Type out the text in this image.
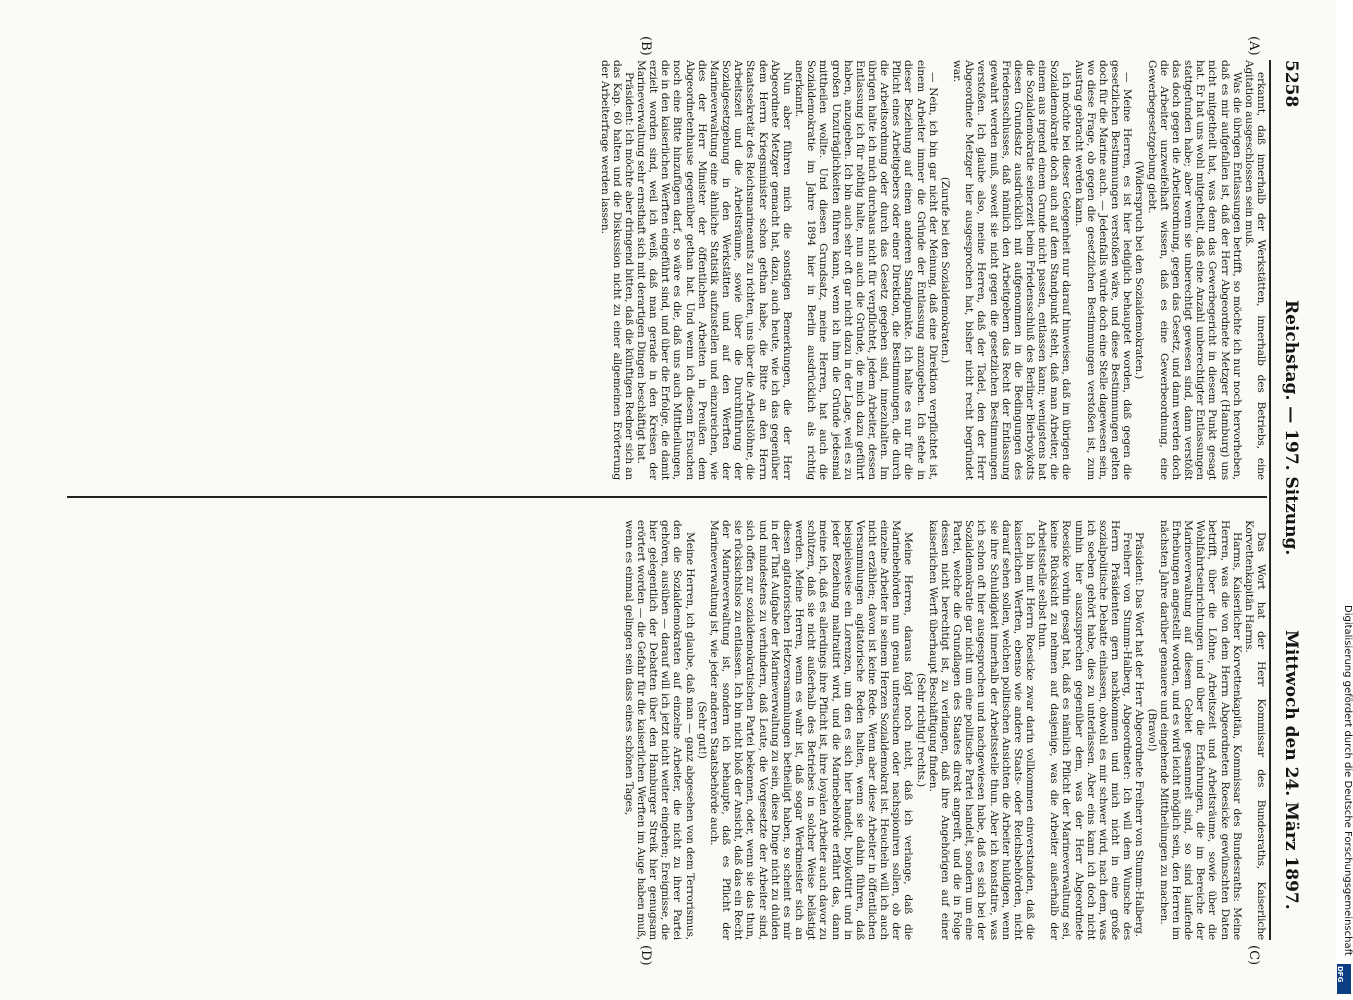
5258
Reichstag. — 197. Sitzung.
Mittwoch den 24. März 1897.
(A)
(B)
(C)
(D)

erkannt, daß innerhalb der Werkstätten, innerhalb des Betriebs, eine Agitation ausgeschlossen sein muß.

Was die übrigen Entlassungen betrifft, so möchte ich nur noch hervorheben, daß es mir aufgefallen ist, daß der Herr Abgeordnete Metzger (Hamburg) uns nicht mitgetheilt hat, was denn das Gewerbegericht in diesem Punkt gesagt hat. Er hat uns wohl mitgetheilt, daß eine Anzahl unberechtigter Entlassungen stattgefunden habe; aber wenn sie unberechtigt gewesen sind, dann verstößt das doch gegen die Arbeitsordnung, gegen das Gesetz, und dann werden doch die Arbeiter unzweifelhaft wissen, daß es eine Gewerbeordnung, eine Gewerbegesetzgebung giebt.

(Widerspruch bei den Sozialdemokraten.)

— Meine Herren, es ist hier lediglich behauptet worden, daß gegen die gesetzlichen Bestimmungen verstoßen wäre, und diese Bestimmungen gelten doch für die Marine auch. — Jedenfalls würde doch eine Stelle dagewesen sein, wo diese Frage, ob gegen die gesetzlichen Bestimmungen verstoßen ist, zum Austrag gebracht werden kann.

Ich möchte bei dieser Gelegenheit nur darauf hinweisen, daß im übrigen die Sozialdemokratie doch auch auf dem Standpunkt steht, daß man Arbeiter, die einem aus irgend einem Grunde nicht passen, entlassen kann; wenigstens hat die Sozialdemokratie seinerzeit beim Friedensschluß des Berliner Bierboykotts diesen Grundsatz ausdrücklich mit aufgenommen in die Bedingungen des Friedensschlusses, daß nämlich den Arbeitgebern das Recht der Entlassung gewahrt werden muß, soweit sie nicht gegen die gesetzlichen Bestimmungen verstoßen. Ich glaube also, meine Herren, daß der Tadel, den der Herr Abgeordnete Metzger hier ausgesprochen hat, bisher nicht recht begründet war.

(Zurufe bei den Sozialdemokraten.)

— Nein, ich bin gar nicht der Meinung, daß eine Direktion verpflichtet ist, einem Arbeiter immer die Gründe der Entlassung anzugeben. Ich stehe in dieser Beziehung auf einem anderen Standpunkte. Ich halte es nur für die Pflicht eines Arbeitgebers oder einer Direktion, die Bestimmungen, die durch die Arbeitsordnung oder durch das Gesetz gegeben sind, innezuhalten. Im übrigen halte ich mich durchaus nicht für verpflichtet, jedem Arbeiter, dessen Entlassung ich für nöthig halte, nun auch die Gründe, die mich dazu geführt haben, anzugeben. Ich bin auch sehr oft gar nicht dazu in der Lage, weil es zu großen Unzuträglichkeiten führen kann, wenn ich ihm die Gründe jedesmal mittheilen wollte. Und diesen Grundsatz, meine Herren, hat auch die Sozialdemokratie im Jahre 1894 hier in Berlin ausdrücklich als richtig anerkannt.

Nun aber führen mich die sonstigen Bemerkungen, die der Herr Abgeordnete Metzger gemacht hat, dazu, auch heute, wie ich das gegenüber dem Herrn Kriegsminister schon gethan habe, die Bitte an den Herrn Staatssekretär des Reichsmarineamts zu richten, uns über die Arbeitslöhne, die Arbeitszeit und die Arbeitsräume, sowie über die Durchführung der Sozialgesetzgebung in den Werkstätten und auf den Werften der Marineverwaltung eine ähnliche Statistik aufzustellen und einzureichen, wie dies der Herr Minister der öffentlichen Arbeiten in Preußen dem Abgeordnetenhause gegenüber gethan hat. Und wenn ich diesem Ersuchen noch eine Bitte hinzufügen darf, so wäre es die, daß uns auch Mittheilungen, die in den kaiserlichen Werften eingeführt sind, und über die Erfolge, die damit erzielt worden sind, weil ich weiß, daß man gerade in den Kreisen der Marineverwaltung sehr ernsthaft sich mit derartigen Dingen beschäftigt hat.

Präsident: Ich möchte aber dringend bitten, daß die künftigen Redner sich an das Kap. 60 halten und die Diskussion nicht zu einer allgemeinen Erörterung der Arbeiterfrage werden lassen.

Das Wort hat der Herr Kommissar des Bundesraths, Kaiserliche Korvettenkapitän Harms.

Harms, Kaiserlicher Korvettenkapitän, Kommissar des Bundesraths: Meine Herren, was die von dem Herrn Abgeordneten Roesicke gewünschten Daten betrifft, über die Löhne, Arbeitszeit und Arbeitsräume, sowie über die Wohlfahrtseinrichtungen und über die Erfahrungen, die im Bereiche der Marineverwaltung auf diesem Gebiet gesammelt sind, so sind laufende Erhebungen angestellt worden, und es wird leicht möglich sein, den Herren im nächsten Jahre darüber genauere und eingehende Mittheilungen zu machen.

(Bravo!)

Präsident: Das Wort hat der Herr Abgeordnete Freiherr von Stumm-Halberg.

Freiherr von Stumm-Halberg, Abgeordneter: Ich will dem Wunsche des Herrn Präsidenten gern nachkommen und mich nicht in eine große sozialpolitische Debatte einlassen, obwohl es mir schwer wird, nach dem, was ich soeben gehört habe, dies zu unterlassen. Aber eins kann ich doch nicht umhin hier auszusprechen gegenüber dem, was der Herr Abgeordnete Roesicke vorhin gesagt hat, daß es nämlich Pflicht der Marineverwaltung sei, keine Rücksicht zu nehmen auf dasjenige, was die Arbeiter außerhalb der Arbeitsstelle selbst thun.

Ich bin mit Herrn Roesicke zwar darin vollkommen einverstanden, daß die kaiserlichen Werften, ebenso wie andere Staats- oder Reichsbehörden, nicht darauf sehen sollen, welchen politischen Ansichten die Arbeiter huldigen, wenn sie ihre Schuldigkeit innerhalb der Arbeitsstelle thun. Aber ich konstatire, was ich schon oft hier ausgesprochen und nachgewiesen habe, daß es sich bei der Sozialdemokratie gar nicht um eine politische Partei handelt, sondern um eine Partei, welche die Grundlagen des Staates direkt angreift, und die in Folge dessen nicht berechtigt ist, zu verlangen, daß ihre Angehörigen auf einer kaiserlichen Werft überhaupt Beschäftigung finden.

(Sehr richtig! rechts.)

Meine Herren, daraus folgt noch nicht, daß ich verlange, daß die Marinebehörden nun genau untersuchen oder nachspioniren sollen, ob der einzelne Arbeiter in seinem Herzen Sozialdemokrat ist. Heucheln will ich auch nicht erzählen; davon ist keine Rede. Wenn aber diese Arbeiter in öffentlichen Versammlungen agitatorische Reden halten, wenn sie dahin führen, daß beispielsweise ein Lorenzen, um den es sich hier handelt, boykottirt und in jeder Beziehung maltraitirt wird, und die Marinebehörde erfährt das, dann meine ich, daß es allerdings ihre Pflicht ist, ihre loyalen Arbeiter auch davor zu schützen, daß sie nicht außerhalb des Betriebes in solcher Weise belästigt werden. Meine Herren, wenn es wahr ist, daß sogar Werkmeister sich an diesen agitatorischen Hetzversammlungen betheiligt haben, so scheint es mir in der That Aufgabe der Marineverwaltung zu sein, diese Dinge nicht zu dulden und mindestens zu verhindern, daß Leute, die Vorgesetzte der Arbeiter sind, sich offen zur sozialdemokratischen Partei bekennen, oder, wenn sie das thun, sie rücksichtslos zu entlassen. Ich bin nicht bloß der Ansicht, daß das ein Recht der Marineverwaltung ist, sondern ich behaupte, daß es Pflicht der Marineverwaltung ist, wie jeder anderen Staatsbehörde auch.

(Sehr gut!)

Meine Herren, ich glaube, daß man — ganz abgesehen von dem Terrorismus, den die Sozialdemokraten auf einzelne Arbeiter, die nicht zu ihrer Partei gehören, ausüben — darauf will ich jetzt nicht weiter eingehen; Ereignisse, die hier gelegentlich der Debatten über den Hamburger Streik hier genugsam erörtert worden — die Gefahr für die kaiserlichen Werften im Auge haben muß, wenn es einmal gelingen sein dass eines schönen Tages,	Digitalisierung gefördert durch die Deutsche Forschungsgemeinschaft
DFG
